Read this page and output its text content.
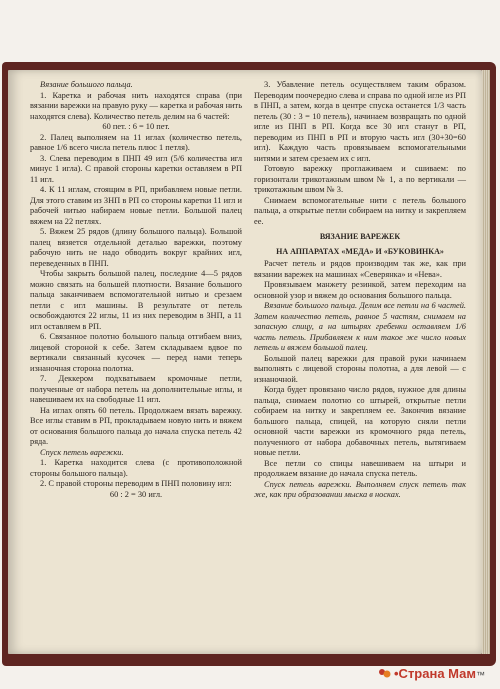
Вязание большого пальца.

1. Каретка и рабочая нить находятся справа (при вязании варежки на правую руку — каретка и рабочая нить находятся слева). Количество петель делим на 6 частей:

60 пет. : 6 = 10 пет.

2. Палец выполняем на 11 иглах (количество петель, равное 1/6 всего числа петель плюс 1 петля).

3. Слева переводим в ПНП 49 игл (5/6 количества игл минус 1 игла). С правой стороны каретки оставляем в РП 11 игл.

4. К 11 иглам, стоящим в РП, прибавляем новые петли. Для этого ставим из ЗНП в РП со стороны каретки 11 игл и рабочей нитью набираем новые петли. Большой палец вяжем на 22 петлях.

5. Вяжем 25 рядов (длину большого пальца). Большой палец вязяется отдельной деталью варежки, поэтому рабочую нить не надо обводить вокруг крайних игл, переведенных в ПНП.

Чтобы закрыть большой палец, последние 4—5 рядов можно связать на большей плотности. Вязание большого пальца заканчиваем вспомогательной нитью и срезаем петли с игл машины. В результате от петель освобождаются 22 иглы, 11 из них переводим в ЗНП, а 11 игл оставляем в РП.

6. Связанное полотно большого пальца отгибаем вниз, лицевой стороной к себе. Затем складываем вдвое по вертикали связанный кусочек — перед нами теперь изнаночная сторона полотна.

7. Деккером подхватываем кромочные петли, полученные от набора петель на дополнительные иглы, и навешиваем их на свободные 11 игл.

На иглах опять 60 петель. Продолжаем вязать варежку. Все иглы ставим в РП, прокладываем новую нить и вяжем от основания большого пальца до начала спуска петель 42 ряда.

Спуск петель варежки.

1. Каретка находится слева (с противоположной стороны большого пальца).

2. С правой стороны переводим в ПНП половину игл:

60 : 2 = 30 игл.

3. Убавление петель осуществляем таким образом. Переводим поочередно слева и справа по одной игле из РП в ПНП, а затем, когда в центре спуска останется 1/3 часть петель (30 : 3 = 10 петель), начинаем возвращать по одной игле из ПНП в РП. Когда все 30 игл станут в РП, переводим из ПНП в РП и вторую часть игл (30+30=60 игл). Каждую часть провязываем вспомогательными нитями и затем срезаем их с игл.

Готовую варежку проглаживаем и сшиваем: по горизонтали трикотажным швом № 1, а по вертикали — трикотажным швом № 3.

Снимаем вспомогательные нити с петель большого пальца, а открытые петли собираем на нитку и закрепляем ее.

ВЯЗАНИЕ ВАРЕЖЕК

НА АППАРАТАХ «МЕДА» И «БУКОВИНКА»

Расчет петель и рядов производим так же, как при вязании варежек на машинах «Северянка» и «Нева».

Провязываем манжету резинкой, затем переходим на основной узор и вяжем до основания большого пальца.

Вязание большого пальца. Делим все петли на 6 частей. Затем количество петель, равное 5 частям, снимаем на запасную спицу, а на штырях гребенки оставляем 1/6 часть петель. Прибавляем к ним такое же число новых петель и вяжем большой палец.

Большой палец варежки для правой руки начинаем выполнять с лицевой стороны полотна, а для левой — с изнаночной.

Когда будет провязано число рядов, нужное для длины пальца, снимаем полотно со штырей, открытые петли собираем на нитку и закрепляем ее. Закончив вязание большого пальца, спицей, на которую сняли петли основной части варежки из кромочного ряда петель, полученного от набора добавочных петель, вытягиваем новые петли.

Все петли со спицы навешиваем на штыри и продолжаем вязание до начала спуска петель.

Спуск петель варежки. Выполняем спуск петель так же, как при образовании мыска в носках.

•Страна Мам™
